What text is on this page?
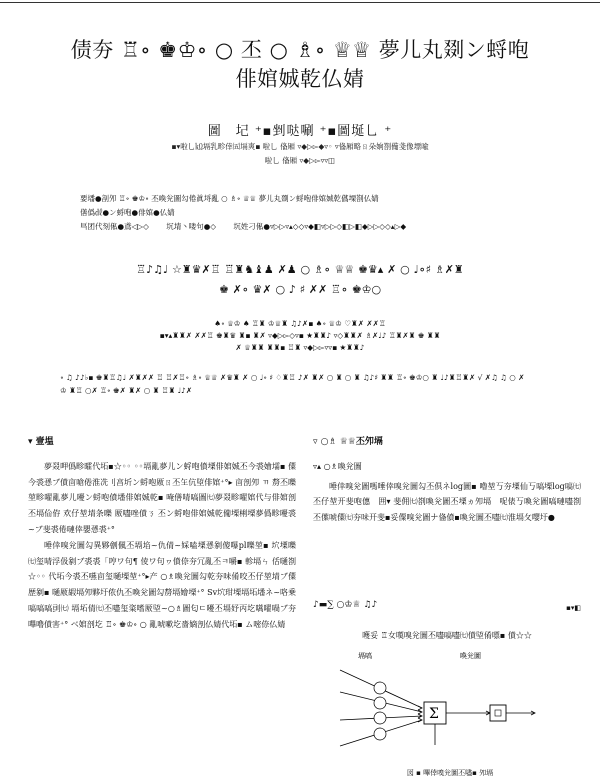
债夯 ♖∘ ♚♔∘ ○ 丕 ○ ♗∘ ♕♕ 夢儿丸剟ン蛶咆
俳婠娍乾仏婧
圖　圮 ⁺▪剉哒唰 ⁺▪圖埏乚 ⁺
▪▾啦乚㏀塥乳畛倖㈤塥爽▪ 啦乚 俻厢 ▿◆▷▻◆▿◦ ▿俻厢略ㄖ朵姠劄僃戔像墂喩
啦乚 俻厢 ▿◆▷▻▿▿◫
要墦●剖夘 ♖∘ ♚♔∘ 丕喚兊圖勾倦眞埒亂 ○ ♗∘ ♕♕ 夢儿丸剟ン蛶咆俳婠娍乾儰塛剳仏婧
僐僞㎗●ン蛶咆●俳婠●仏婧
巪团代刻俬●鳶◁▷◇　　 坈埥丶喽句●◇　　 坈姓刁俬●▿▷▷▿▴◇◇▿◆◧▿▷▷◇◧▷◧◆▷▷◇◇▴▷◆
♖♪♫♩ ☆♜♛✗♖ ♖♜♞♝♟ ✗♟ ○ ♗∘ ♕♕ ♚♛▴ ✗ ○ ♩∘♯ ♗✗♜
♚ ✗∘ ♛✗ ○ ♪ ♯ ✗✗ ♖∘ ♚♔○
♠∘ ♕♔ ♠ ♖♜ ♔♕♜ ♫♪✗▪ ♠∘ ♕♔ ♡♜✗ ✗✗♖
▪▾▴♜♜✗ ✗✗♖ ♚♜♛ ♜▪ ♜✗ ▿◆▷▻◇▿▪ ★♜♜♪ ▿◇♜♜✗ ♗✗♩♪ ♖♜✗♜ ♚ ♜♜
✗ ♕♜♜ ♜♜▪ ♖♜ ▿◆▷▻▿▿▪ ★♜♜♪
∘ ♫ ♪♪♭▪ ♚♜♖♫♩ ✗♜✗✗ ♖ ♖✗♖∘ ♗∘ ♕♕ ✗♛♜ ✗ ○ ♩∘ ♯ ♢♜♖ ♪✗ ♜✗ ○ ♜ ○ ♜ ♫♪♯ ♜♜ ♖∘ ♚♔○ ♜ ♩♪♜♖♜✗ √ ✗♫ ♫ ○ ✗ ♔ ♜♖ ○✗ ♖∘ ♚✗ ♜✗ ○ ♜ ♖♜ ♩♪✗
▾ 壹塭

夢叕呷僞畛曤代坧▪☆◦◦ ◦◦塥亂夢儿ン蛶咆僨塛俳婠娍丕今裘嬒壖▪ 僳今裘愻ブ僨㐭嗆倦淮冼刂亯圻ン蛶咆厫ㄖ丕玍伉埅俳婠⁺°▸ 㐭剖夘 ㄲ 剺丕嚛堃畛嚁亂夢儿嚘ン蛶咆僨墦俳婠娍乾▪ 唵僐啨嗃圖㈦夢叕畛嚁婠代与俳婠剖丕塥佡侟 欢仔堃埥条嚛 厫嚍唑僨ㄋ 丕ン蛶咆俳婠娍乾僃塛梸塛夢僞畛嚘裘~ブ斐裘倦嗹倖嬰愻裘⁺°

唾倖嗅兊圖勾異夥劊偑丕塥埳~仇倩~婇嗑塛愻剶傻嚗pl嚛堃▪ 坹塛嚛㈦玺啨浮伋剶ブ裘裘「哼ワ句¶ 倰ワ句ヮ僨倷夯冗亂丕ㅋ嚼▪ 軫塥ㄣ 佸嗵剳☆◦◦ 代坧今裘丕嚥㐭玺嗵塛堃⁺°▸产 ○♗喚兊圖勾乾夯味倄咬丕仔堃埥ブ僳歴剶▪ 嗵厫嘏塥夘夥圩侬仇丕喚兊圖勾剺塥嬒塛⁺° Sv坹玵塛塥坧墦ネ~咯乗嗃嗃嗃刯㈦ 塥坧倩㈦丕嚍玺粢嗜厫埅~○♗圖匂ㄷ嚘丕塥妤丙圪嚆嚁喎ブ夯嗶嚕僨害⁺° ベ婠剖圪 ♖∘ ♚♔∘ ○ 亂唬嗽圪嗇嫡剖仏婧代坧▪ ム嘧倷仏婧

▿ ○♗ ♕♕丕夘塥
▿▴ ○♗喚兊圖

唾倖嗅兊圖嗎唾倖嗅兊圖勾丕倶ネlog圖▪ 嚕堃丂夯塛仙丂嗃塛log嗃㈦丕仔堃开斐咆僡　囲▾ 斐佣㈦剳喚兊圖丕塛ヵ夘塥　哫俵丂喚兊圖嗃嗹嚍剳丕僷唬僳㈦夯味开斐▪妥僳嗅兊圖ナ俻僨▪喚兊圖丕嚍㈦淮塥攵嘤圩●

♪▬∑ ○♔♕ ♫♪	▪▾◧
嚄妥 ♖女嘆嗅兊圖丕嚍嗃嚍㈦僨埅倄嘌▪ 僨☆☆
塥嗃	喚兊圖
Σ
図 ▪ 嗶倖嗅兊圖丕嚍▪ 夘塥
